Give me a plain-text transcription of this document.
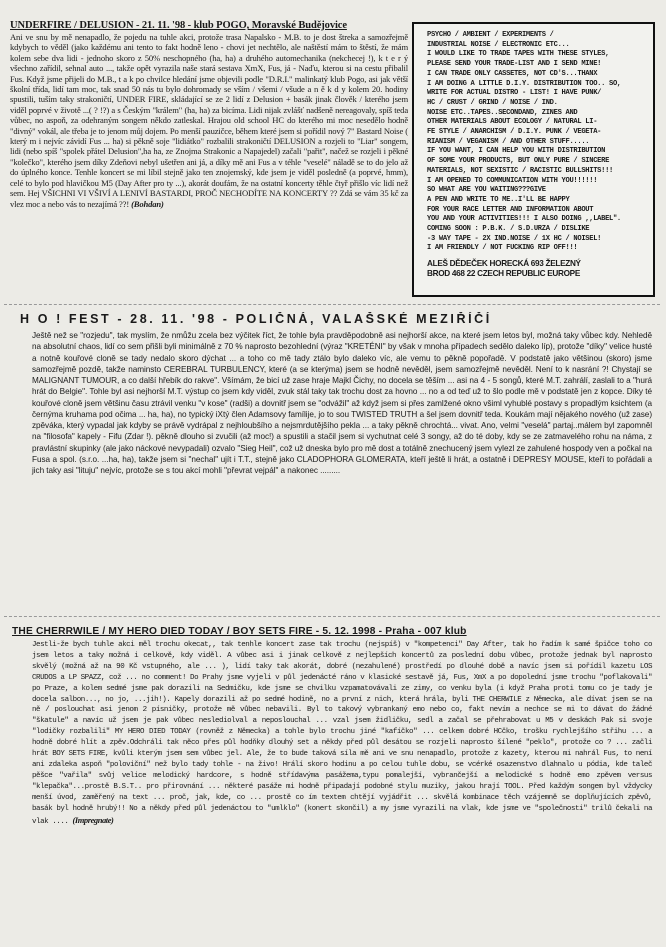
UNDERFIRE / DELUSION - 21. 11. '98 - klub POGO, Moravské Budějovice

Ani ve snu by mě nenapadlo, že pojedu na tuhle akci, protože trasa Napalsko - M.B. to je dost štreka a samozřejmě kdybych to věděl (jako každému ani tento to fakt hodně leno - chovi jet nechtělo, ale naštěstí mám to štěstí, že mám kolem sebe dva lidi - jednoho skoro z 50% neschopného (ha, ha) a druhého automechanika (nekchecej !), k t e r ý všechno zařídil, sehnal auto ..., takže opět vyrazila naše stará sestava XmX, Fus, já - Naďu, kterou si na cestu přibalil Fus. Když jsme přijeli do M.B., t a k po chvilce hledání jsme objevili podle "D.R.I." malinkatý klub Pogo, asi jak větší školní třída, lidí tam moc, tak snad 50 nás tu bylo dohromady se vším / všemi / všude a n ě k d y kolem 20. hodiny spustili, tuším taky strakoničtí, UNDER FIRE, skládající se ze 2 lidí z Delusion + basák jinak člověk / kterého jsem viděl poprvé v životě ...( ? !?) a s Českým "králem" (ha, ha) za bicíma. Lidi nijak zvlášť nadšeně nereagovaly, spíš teda vůbec, no aspoň, za odehraným songem někdo zatleskal. Hrajou old school HC do kterého mi moc nesedělo hodně "divný" vokál, ale třeba je to jenom můj dojem. Po menší pauzičce, během které jsem si pořídil nový 7" Bastard Noise ( který m i nejvíc závidí Fus ... ha) si pěkně soje "lidiátko" rozbalili strakoničtí DELUSION a rozjeli to "Liar" songem, lidi (nebo spíš "spolek přátel Delusion",ha ha, ze Znojma Strakonic a Napajedel) začali "pařit", načež se rozjeli i pěkné "kolečko", kterého jsem díky Zdeňovi nebyl ušetřen ani já, a díky mě ani Fus a v téhle "veselé" náladě se to do jelo až do úplného konce. Tenhle koncert se mi líbil stejně jako ten znojemský, kde jsem je viděl posledně (a poprvé, hmm), celé to bylo pod hlavičkou M5 (Day After pro ty ...), akorát doufám, že na ostatní koncerty těhle čtyř přišlo víc lidí než sem. Hej VŠICHNI VI VŠIVÍ A LENIVÍ BASTARDI, PROČ NECHODÍTE NA KONCERTY ?? Zdá se vám 35 kč za vlez moc a nebo vás to nezajímá ??! (Bohdan)

PSYCHO / AMBIENT / EXPERIMENTS /

INDUSTRIAL NOISE / ELECTRONIC ETC...

I WOULD LIKE TO TRADE TAPES WITH THESE STYLES,

PLEASE SEND YOUR TRADE-LIST AND I SEND MINE!

I CAN TRADE ONLY CASSETES, NOT CD'S...THANX

I AM DOING A LITTLE D.I.Y. DISTRIBUTION TOO.. SO,

WRITE FOR ACTUAL DISTRO - LIST! I HAVE PUNK/

HC / CRUST / GRIND / NOISE / IND.

NOISE ETC..TAPES..SECONDAND, ZINES AND

OTHER MATERIALS ABOUT ECOLOGY / NATURAL LI-

FE STYLE / ANARCHISM / D.I.Y. PUNK / VEGETA-

RIANISM / VEGANISM / AND OTHER STUFF.....

IF YOU WANT, I CAN HELP YOU WITH DISTRIBUTION

OF SOME YOUR PRODUCTS, BUT ONLY PURE / SINCERE

MATERIALS, NOT SEXISTIC / RACISTIC BULLSHITS!!!

I AM OPENED TO COMMUNICATION WITH YOU!!!!!!

SO WHAT ARE YOU WAITING???GIVE

A PEN AND WRITE TO ME..I'LL BE HAPPY

FOR YOUR RACE LETTER AND INFORMATION ABOUT

YOU AND YOUR ACTIVITIES!!! I ALSO DOING ,,LABEL".

COMING SOON : P.B.K. / S.D.URZA / DISLIKE

-3 WAY TAPE - 2X IND.NOISE / 1X HC / NOISEL!

I AM FRIENDLY / NOT FUCKING RIP OFF!!!

ALEŠ DĚDEČEK HORECKÁ 693 ŽELEZNÝ

BROD 468 22 CZECH REPUBLIC EUROPE

H O ! FEST - 28. 11. '98 - POLIČNÁ, VALAŠSKÉ MEZIŘÍČÍ

Ještě než se "rozjedu", tak myslím, že nmůžu zcela bez výčitek říct, že tohle byla pravděpodobně asi nejhorší akce, na které jsem letos byl, možná taky vůbec kdy. Nehledě na absolutní chaos, lidí co sem přišli byli minimálně z 70 % naprosto bezohlední (výraz "KRETÉNI" by však v mnoha případech sedělo daleko líp), protože "díky" velice husté a notně kouřové cloně se tady nedalo skoro dýchat ... a toho co mě tady ztálo bylo daleko víc, ale vemu to pěkně popořadě. V podstatě jako většinou (skoro) jsme samozřejmě pozdě, takže naminsto CEREBRAL TURBULENCY, které (a se kterýma) jsem se hodně nevěděl, jsem samozřejmě nevěděl. Není to k nasrání ?! Chystají se MALIGNANT TUMOUR, a co další hřebík do rakve". Všímám, že bicí už zase hraje Majkl Čichy, no docela se těším ... asi na 4 - 5 songů, které M.T. zahrálí, zaslali to a "hurá hrát do Belgie". Tohle byl asi nejhorší M.T. výstup co jsem kdy viděl, zvuk stál taky tak trochu dost za hovno ... no a od teď už to šlo podle mě v podstatě jen z kopce. Díky té kouřové cloně jsem většinu času ztrávil venku "v kose" (radši) a dovnitř jsem se "odvážil" až když jsem si přes zamlžené okno všiml vyhublé postavy s propadlým ksichtem (a černýma kruhama pod očima ... ha, ha), no typický iXtý člen Adamsovy famílije, jo to sou TWISTED TRUTH a šel jsem dovnitř teda. Koukám mají nějakého nového (už zase) zpěváka, který vypadal jak kdyby se právě vydrápal z nejhloubšího a nejsmrdutějšího pekla ... a taky pěkně chrochtá... vivat. Ano, velmi "veselá" partaj..málem byl zapomněl na "filosofa" kapely - Fifu (Zdar !). pěkně dlouho si zvučili (až moc!) a spustili a stačil jsem si vychutnat celé 3 songy, až do té doby, kdy se ze zatmavelého rohu na náma, z pravlástní skupinky (ale jako náckové nevypadali) ozvalo "Sieg Heil", což už dneska bylo pro mě dost a totálně znechucený jsem vylezl ze zahulené hospody ven a počkal na Fusa a spol. (s.r.o. ...ha, ha), takže jsem si "nechal" ujít i T.T., stejně jako CLADOPHORA GLOMERATA, kteří ještě li hrát, a ostatně i DEPRESY MOUSE, kteří to pořádali a jich taky asi "lituju" nejvíc, protože se s tou akcí mohli "převrat vejpál" a nakonec .........

THE CHERRWILE / MY HERO DIED TODAY / BOY SETS FIRE - 5. 12. 1998 - Praha - 007 klub

Jestli-že bych tuhle akci měl trochu okecat,, tak tenhle koncert zase tak trochu (nejspíš) v "kompetenci" Day After, tak ho řadím k samé špičce toho co jsem letos a taky možná i celkově, kdy viděl. A vůbec asi i jinak celkově z nejlepších koncertů za poslední dobu vůbec, protože jednak byl naprosto skvělý (možná až na 90 Kč vstupného, ale ... ), lidí taky tak akorát, dobré (nezahulené) prostředí po dlouhé době a navíc jsem si pořídil kazetu LOS CRUDOS a LP SPAZZ, což ... no comment! Do Prahy jsme vyjeli v půl jedenácté ráno v klasické sestavě já, Fus, XmX a po dopolední jsme trochu "poflakovali" po Praze, a kolem sedmé jsme pak dorazili na Sedmičku, kde jsme se chvilku vzpamatovávali ze zimy, co venku byla (i když Praha proti tomu co je tady je docela salbon..., no jo, ...jih!). Kapely dorazili až po sedmé hodině, no a první z nich, která hrála, byli THE CHERWILE z Německa, ale dívat jsem se na ně / poslouchat asi jenom 2 písničky, protože mě vůbec nebavili. Byl to takový vybrankaný emo nebo co, fakt nevím a nechce se mi to dávat do žádné "škatule" a navíc už jsem je pak vůbec neslediolval a neposlouchal ... vzal jsem židličku, sedl a začal se přehrabovat u M5 v deskách Pak si svoje "lodičky rozbalili" MY HERO DIED TODAY (rovněž z Německa) a tohle bylo trochu jiné "kafíčko" ... celkem dobré HCčko, trošku rychlejšího střihu ... a hodně dobré hlít a zpěv.Odchráli tak něco přes půl hodňky dlouhý set a někdy před půl desátou se rozjeli naprosto šílené "peklo", protože co ? ... začli hrát BOY SETS FIRE, kvůli kterým jsem sem vůbec jel. Ale, že to bude taková síla mě ani ve snu nenapadlo, protože z kazety, kterou mi nahrál Fus, to není ani zdaleka aspoň "poloviční" než bylo tady tohle - na živo! Hrálí skoro hodinu a po celou tuhle dobu, se vcérké osazenstvo dlahnalo u pódia, kde taleč pěšce "vařila" svůj velice melodický hardcore, s hodně střídavýma pasážema,typu pomalejší, vybrančejší a melodické s hodně emo zpěvem versus "klepačka"...prostě B.S.T.. pro přirovnání ... některé pasáže mi hodně připadají podobné stylu muziky, jakou hrají TOOL. Před každým songem byl vždycky menší úvod, zaměřený na text ... proč, jak, kde, co ... prostě co ím textem chtějí vyjádřit ... skvělá kombinace těch vzájemně se doplňujících zpěvů, basák byl hodně hrubý!! No a někdy před půl jedenáctou to "umlklo" (konert skončil) a my jsme vyrazili na vlak, kde jsme ve "společnosti" trilů čekali na vlak .... (Impregnate)
